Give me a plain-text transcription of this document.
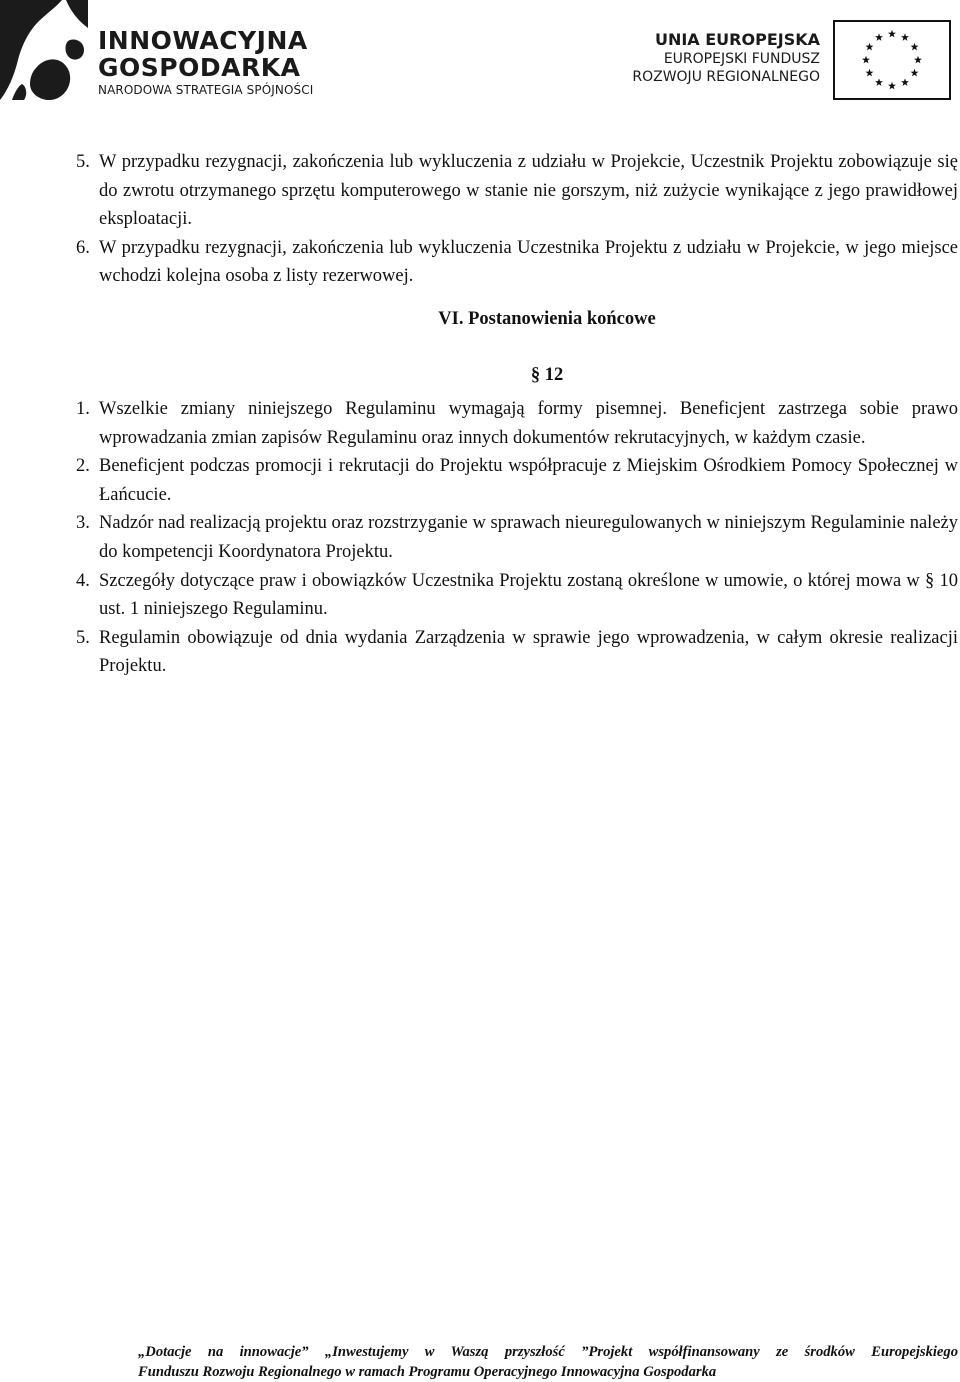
INNOWACYJNA
GOSPODARKA
NARODOWA STRATEGIA SPÓJNOŚCI
UNIA EUROPEJSKA
EUROPEJSKI FUNDUSZ
ROZWOJU REGIONALNEGO
5. W przypadku rezygnacji, zakończenia lub wykluczenia z udziału w Projekcie, Uczestnik Projektu zobowiązuje się do zwrotu otrzymanego sprzętu komputerowego w stanie nie gorszym, niż zużycie wynikające z jego prawidłowej eksploatacji.
6. W przypadku rezygnacji, zakończenia lub wykluczenia Uczestnika Projektu z udziału w Projekcie, w jego miejsce wchodzi kolejna osoba z listy rezerwowej.
VI. Postanowienia końcowe
§ 12
1. Wszelkie zmiany niniejszego Regulaminu wymagają formy pisemnej. Beneficjent zastrzega sobie prawo wprowadzania zmian zapisów Regulaminu oraz innych dokumentów rekrutacyjnych, w każdym czasie.
2. Beneficjent podczas promocji i rekrutacji do Projektu współpracuje z Miejskim Ośrodkiem Pomocy Społecznej w Łańcucie.
3. Nadzór nad realizacją projektu oraz rozstrzyganie w sprawach nieuregulowanych w niniejszym Regulaminie należy do kompetencji Koordynatora Projektu.
4. Szczegóły dotyczące praw i obowiązków Uczestnika Projektu zostaną określone w umowie, o której mowa w § 10 ust. 1 niniejszego Regulaminu.
5. Regulamin obowiązuje od dnia wydania Zarządzenia w sprawie jego wprowadzenia, w całym okresie realizacji Projektu.
„Dotacje na innowacje” „Inwestujemy w Waszą przyszłość ”Projekt współfinansowany ze środków Europejskiego
Funduszu Rozwoju Regionalnego w ramach Programu Operacyjnego Innowacyjna Gospodarka
